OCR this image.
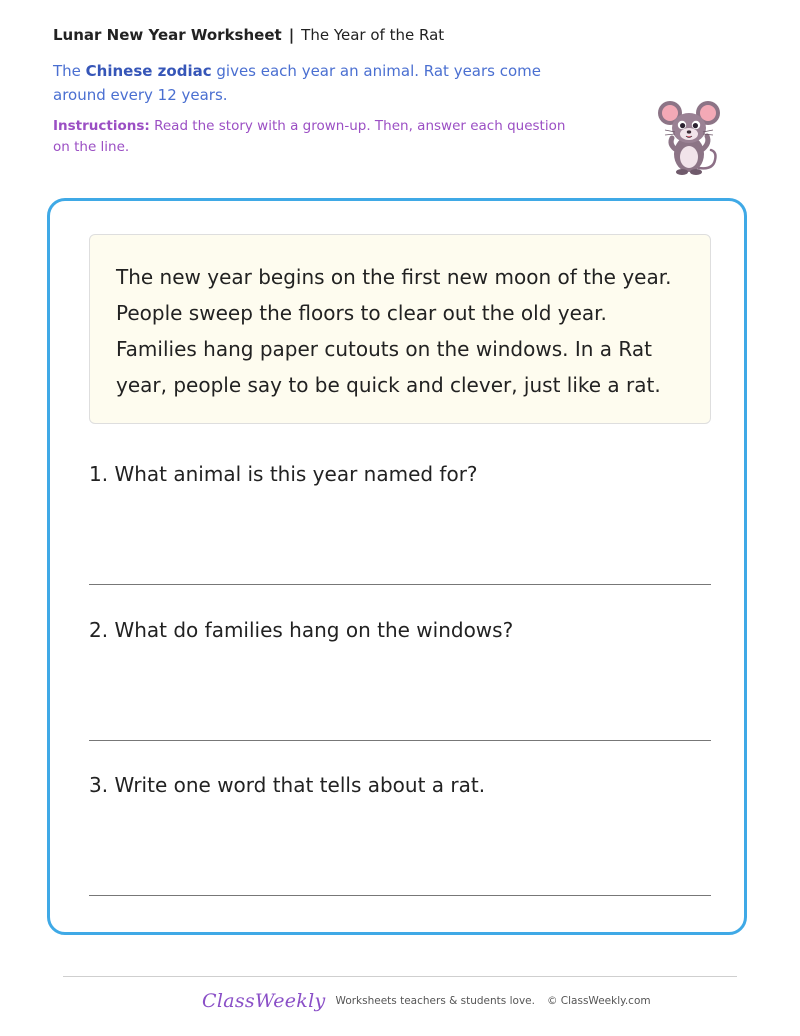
Lunar New Year Worksheet | The Year of the Rat
The Chinese zodiac gives each year an animal. Rat years come around every 12 years.
Instructions: Read the story with a grown-up. Then, answer each question on the line.
The new year begins on the first new moon of the year. People sweep the floors to clear out the old year. Families hang paper cutouts on the windows. In a Rat year, people say to be quick and clever, just like a rat.
1. What animal is this year named for?
2. What do families hang on the windows?
3. Write one word that tells about a rat.
ClassWeekly Worksheets teachers & students love. © ClassWeekly.com
